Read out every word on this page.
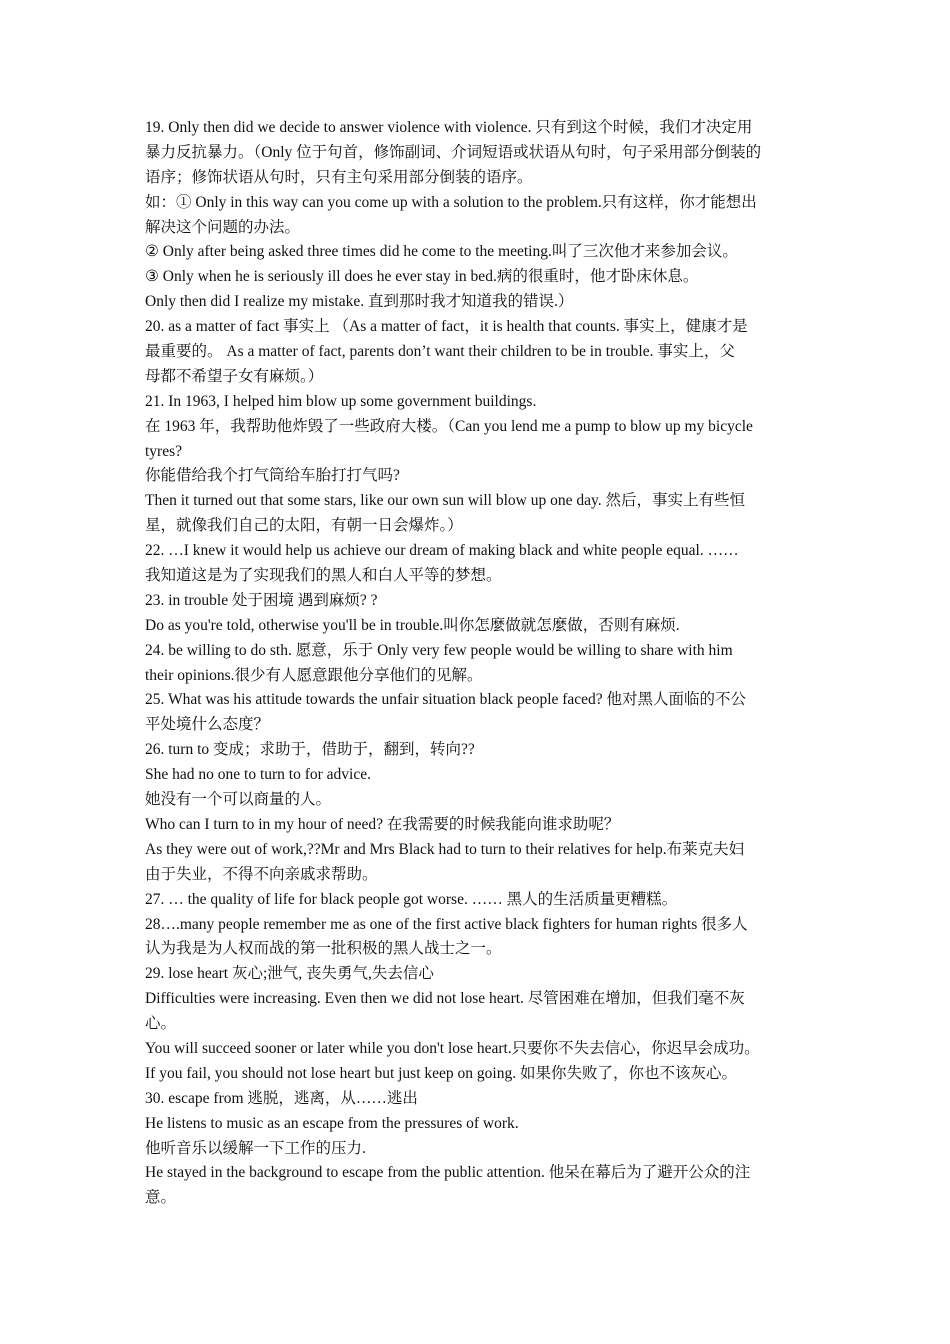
19. Only then did we decide to answer violence with violence. 只有到这个时候，我们才决定用
暴力反抗暴力。（Only 位于句首，修饰副词、介词短语或状语从句时，句子采用部分倒装的
语序；修饰状语从句时，只有主句采用部分倒装的语序。
如：① Only in this way can you come up with a solution to the problem.只有这样，你才能想出
解决这个问题的办法。
② Only after being asked three times did he come to the meeting.叫了三次他才来参加会议。
③ Only when he is seriously ill does he ever stay in bed.病的很重时，他才卧床休息。
Only then did I realize my mistake. 直到那时我才知道我的错误.）
20. as a matter of fact 事实上 （As a matter of fact，it is health that counts. 事实上，健康才是
最重要的。 As a matter of fact, parents don’t want their children to be in trouble. 事实上，父
母都不希望子女有麻烦。）
21. In 1963, I helped him blow up some government buildings.
在 1963 年，我帮助他炸毁了一些政府大楼。（Can you lend me a pump to blow up my bicycle
tyres?
你能借给我个打气筒给车胎打打气吗?
Then it turned out that some stars, like our own sun will blow up one day. 然后，事实上有些恒
星，就像我们自己的太阳，有朝一日会爆炸。）
22. …I knew it would help us achieve our dream of making black and white people equal. ……
我知道这是为了实现我们的黑人和白人平等的梦想。
23. in trouble 处于困境 遇到麻烦? ?
Do as you're told, otherwise you'll be in trouble.叫你怎麼做就怎麼做，否则有麻烦.
24. be willing to do sth. 愿意，乐于 Only very few people would be willing to share with him
their opinions.很少有人愿意跟他分享他们的见解。
25. What was his attitude towards the unfair situation black people faced? 他对黑人面临的不公
平处境什么态度？
26. turn to 变成；求助于，借助于，翻到，转向??
She had no one to turn to for advice.
她没有一个可以商量的人。
Who can I turn to in my hour of need? 在我需要的时候我能向谁求助呢？
As they were out of work,??Mr and Mrs Black had to turn to their relatives for help.布莱克夫妇
由于失业，不得不向亲戚求帮助。
27. … the quality of life for black people got worse. …… 黑人的生活质量更糟糕。
28….many people remember me as one of the first active black fighters for human rights 很多人
认为我是为人权而战的第一批积极的黑人战士之一。
29. lose heart 灰心;泄气, 丧失勇气,失去信心
Difficulties were increasing. Even then we did not lose heart. 尽管困难在增加，但我们毫不灰
心。
You will succeed sooner or later while you don't lose heart.只要你不失去信心，你迟早会成功。
If you fail, you should not lose heart but just keep on going. 如果你失败了，你也不该灰心。
30. escape from 逃脱，逃离，从……逃出
He listens to music as an escape from the pressures of work.
他听音乐以缓解一下工作的压力.
He stayed in the background to escape from the public attention. 他呆在幕后为了避开公众的注
意。
